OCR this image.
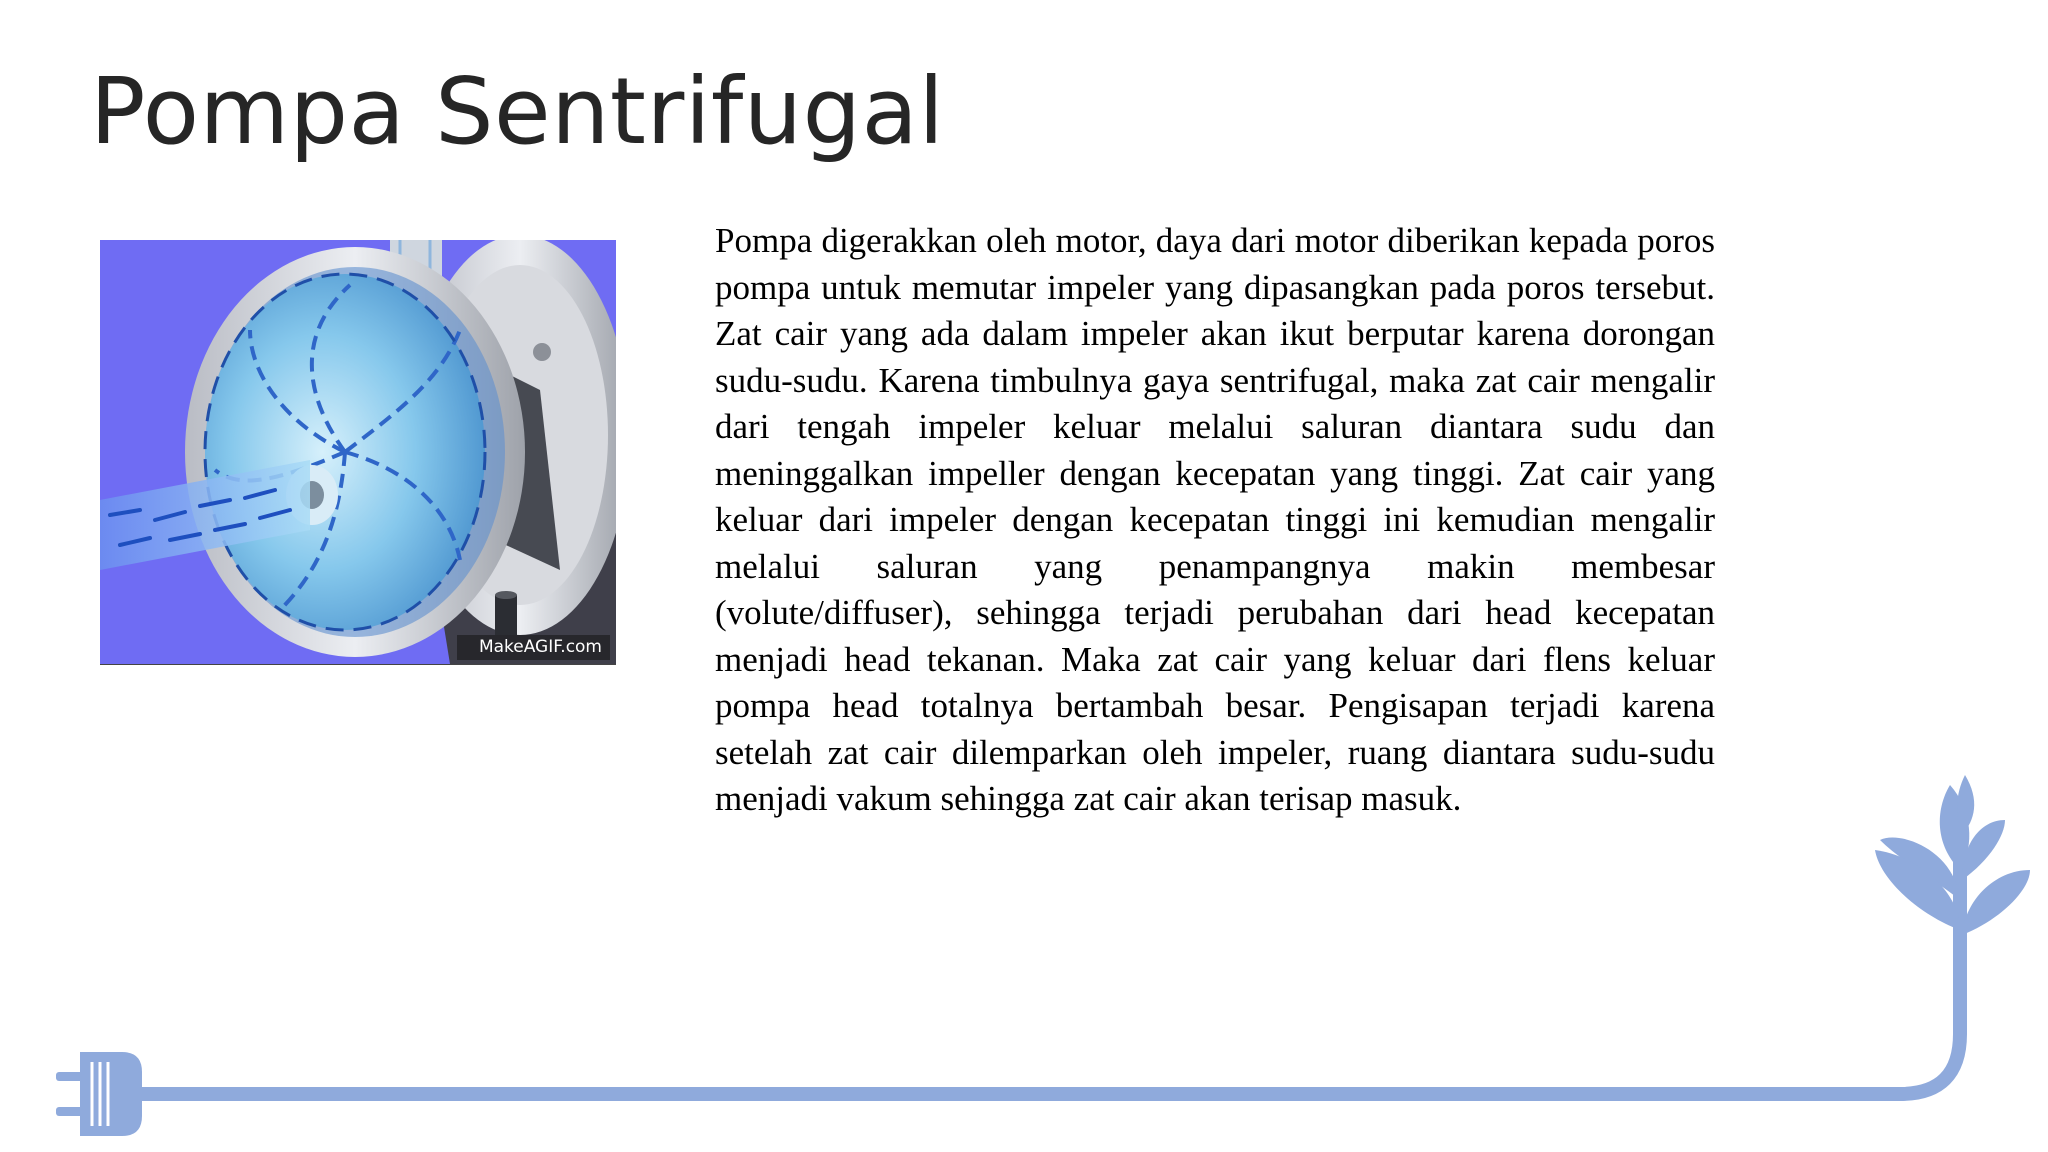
Pompa Sentrifugal
MakeAGIF.com

Pompa digerakkan oleh motor, daya dari motor diberikan kepada poros pompa untuk memutar impeler yang dipasangkan pada poros tersebut. Zat cair yang ada dalam impeler akan ikut berputar karena dorongan sudu-sudu. Karena timbulnya gaya sentrifugal, maka zat cair mengalir dari tengah impeler keluar melalui saluran diantara sudu dan meninggalkan impeller dengan kecepatan yang tinggi. Zat cair yang keluar dari impeler dengan kecepatan tinggi ini kemudian mengalir melalui saluran yang penampangnya makin membesar (volute/diffuser), sehingga terjadi perubahan dari head kecepatan menjadi head tekanan. Maka zat cair yang keluar dari flens keluar pompa head totalnya bertambah besar. Pengisapan terjadi karena setelah zat cair dilemparkan oleh impeler, ruang diantara sudu-sudu menjadi vakum sehingga zat cair akan terisap masuk.
